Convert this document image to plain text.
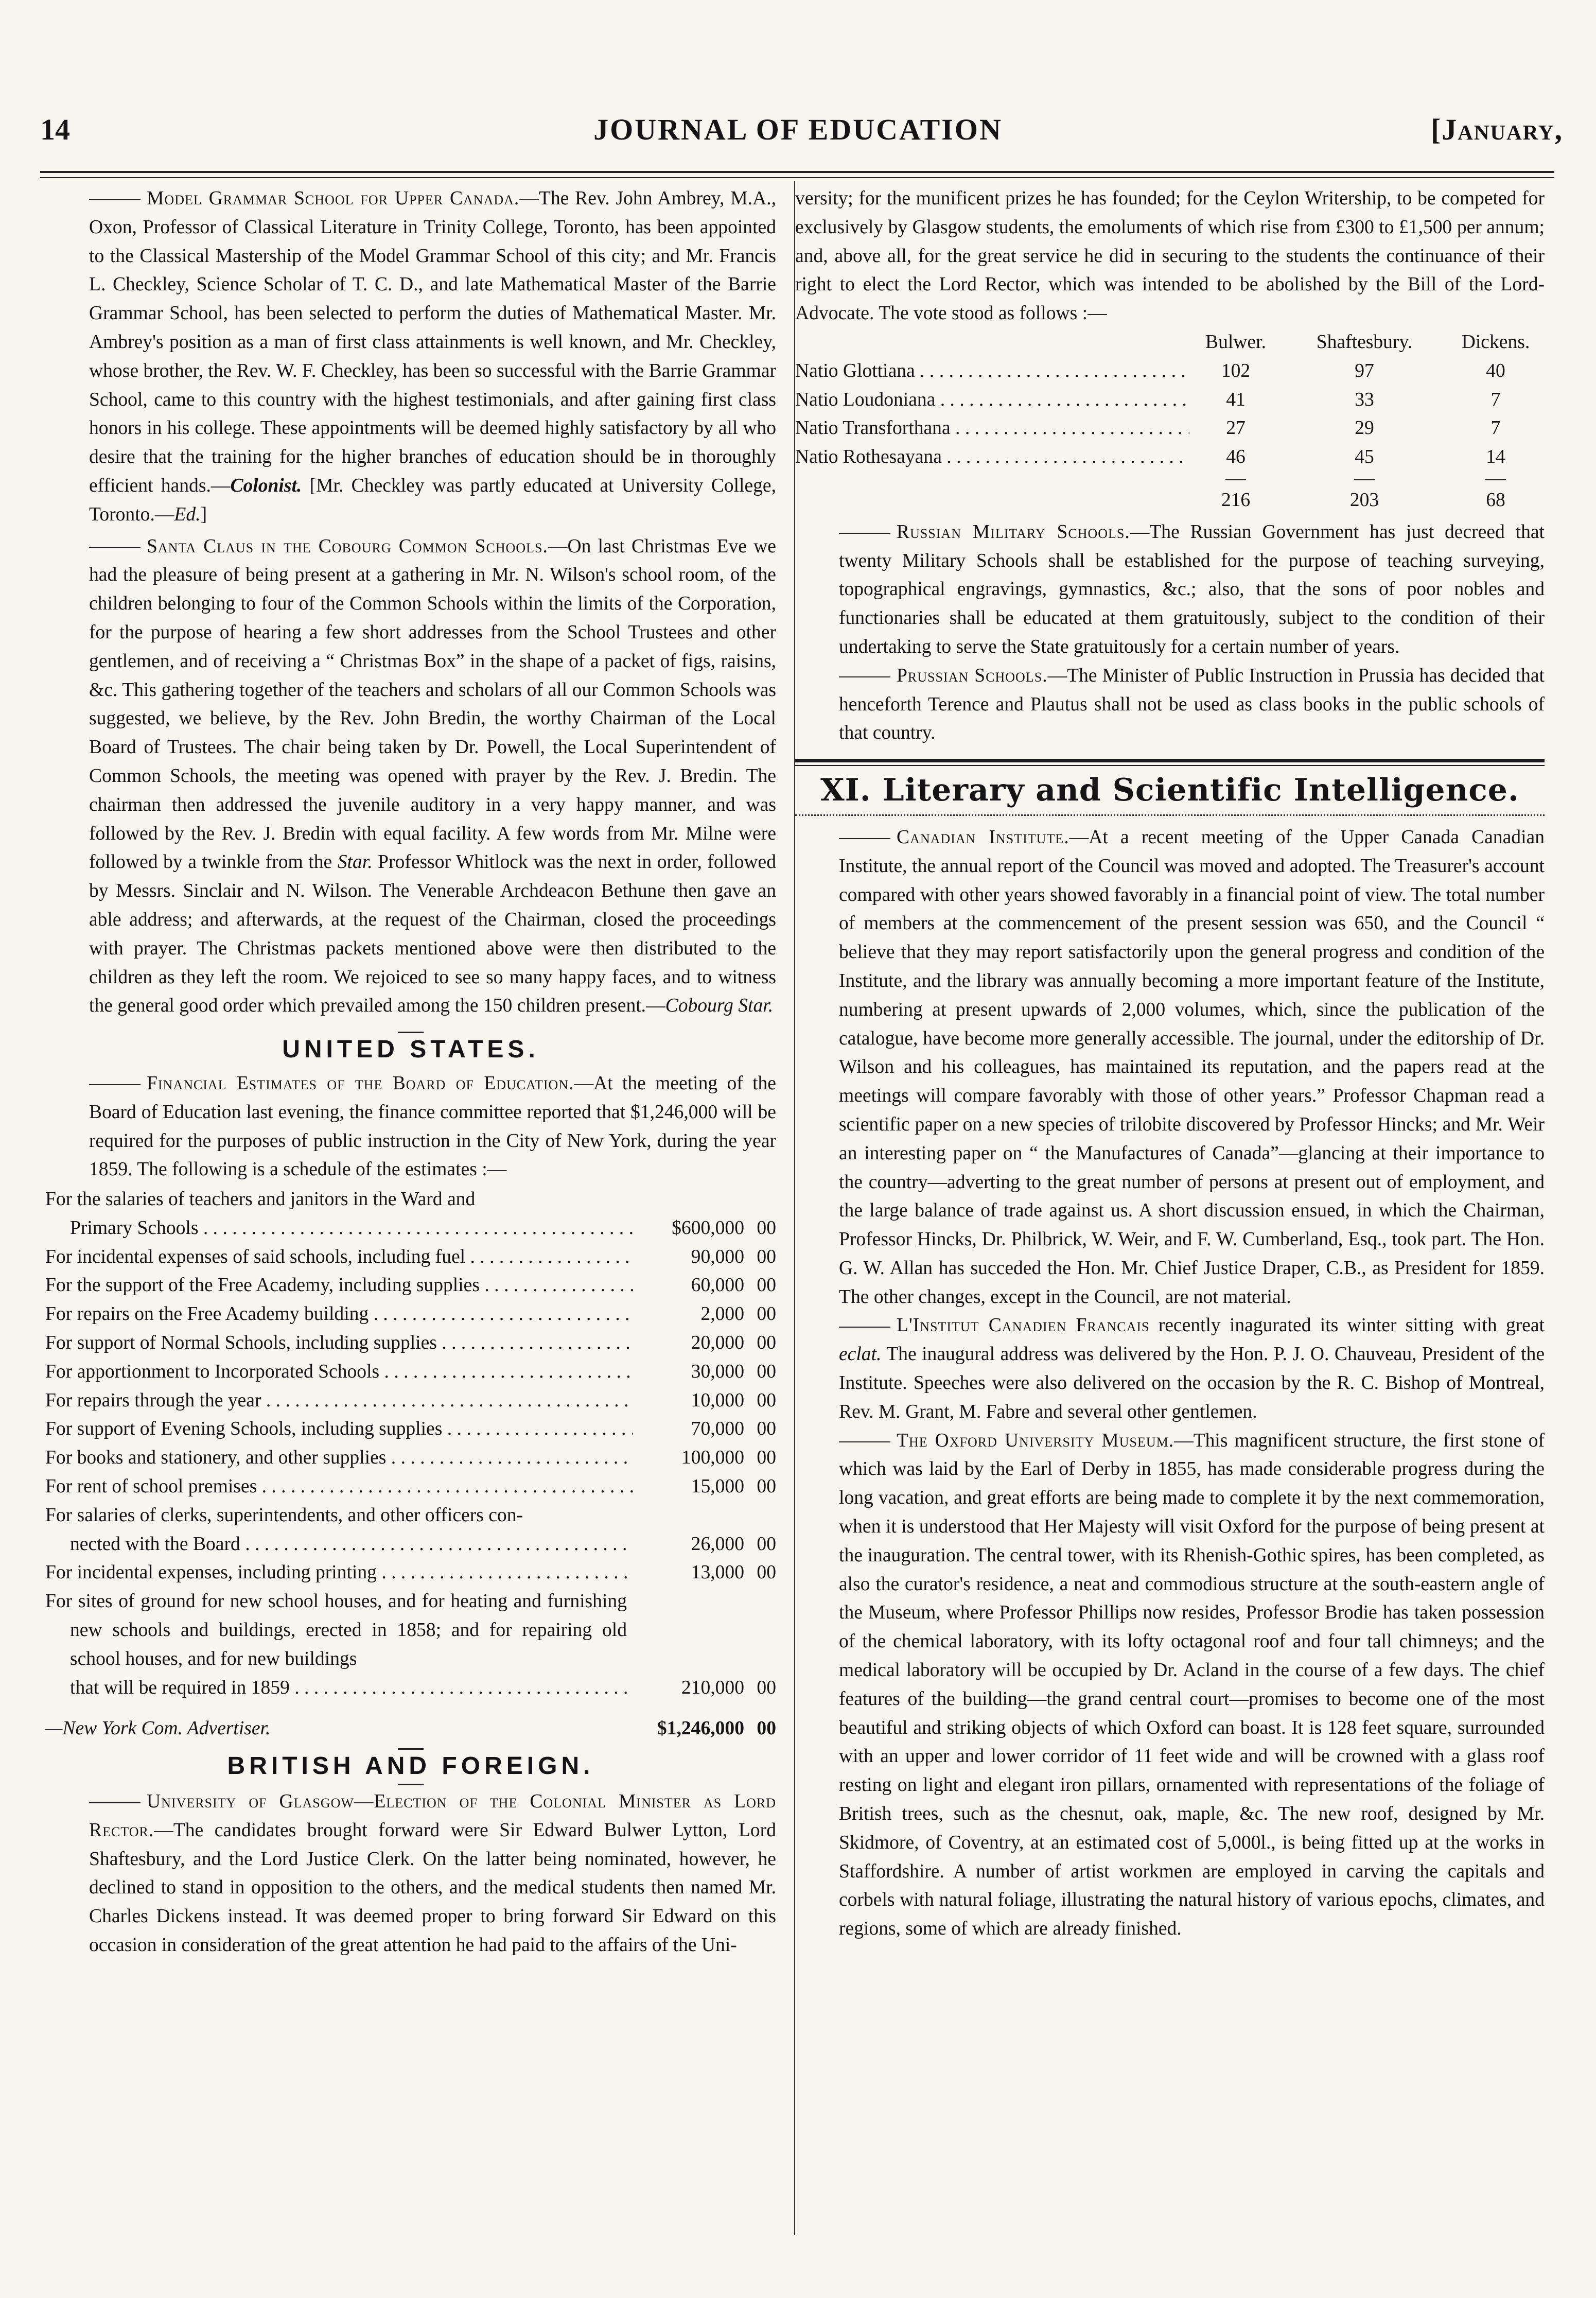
14	JOURNAL OF EDUCATION	[January,

Model Grammar School for Upper Canada.—The Rev. John Ambrey, M.A., Oxon, Professor of Classical Literature in Trinity College, Toronto, has been appointed to the Classical Mastership of the Model Grammar School of this city; and Mr. Francis L. Checkley, Science Scholar of T. C. D., and late Mathematical Master of the Barrie Grammar School, has been selected to perform the duties of Mathematical Master. Mr. Ambrey's position as a man of first class attainments is well known, and Mr. Checkley, whose brother, the Rev. W. F. Checkley, has been so successful with the Barrie Grammar School, came to this country with the highest testimonials, and after gaining first class honors in his college. These appointments will be deemed highly satisfactory by all who desire that the training for the higher branches of education should be in thoroughly efficient hands.—Colonist. [Mr. Checkley was partly educated at University College, Toronto.—Ed.]

Santa Claus in the Cobourg Common Schools.—On last Christmas Eve we had the pleasure of being present at a gathering in Mr. N. Wilson's school room, of the children belonging to four of the Common Schools within the limits of the Corporation, for the purpose of hearing a few short addresses from the School Trustees and other gentlemen, and of receiving a “ Christmas Box” in the shape of a packet of figs, raisins, &c. This gathering together of the teachers and scholars of all our Common Schools was suggested, we believe, by the Rev. John Bredin, the worthy Chairman of the Local Board of Trustees. The chair being taken by Dr. Powell, the Local Superintendent of Common Schools, the meeting was opened with prayer by the Rev. J. Bredin. The chairman then addressed the juvenile auditory in a very happy manner, and was followed by the Rev. J. Bredin with equal facility. A few words from Mr. Milne were followed by a twinkle from the Star. Professor Whitlock was the next in order, followed by Messrs. Sinclair and N. Wilson. The Venerable Archdeacon Bethune then gave an able address; and afterwards, at the request of the Chairman, closed the proceedings with prayer. The Christmas packets mentioned above were then distributed to the children as they left the room. We rejoiced to see so many happy faces, and to witness the general good order which prevailed among the 150 children present.—Cobourg Star.

UNITED STATES.

Financial Estimates of the Board of Education.—At the meeting of the Board of Education last evening, the finance committee reported that $1,246,000 will be required for the purposes of public instruction in the City of New York, during the year 1859. The following is a schedule of the estimates :—

For the salaries of teachers and janitors in the Ward and
Primary Schools . . .	$600,000 00
For incidental expenses of said schools, including fuel . . .	90,000 00
For the support of the Free Academy, including supplies . . .	60,000 00
For repairs on the Free Academy building . . .	2,000 00
For support of Normal Schools, including supplies . . .	20,000 00
For apportionment to Incorporated Schools . . .	30,000 00
For repairs through the year . . .	10,000 00
For support of Evening Schools, including supplies . . .	70,000 00
For books and stationery, and other supplies . . .	100,000 00
For rent of school premises . . .	15,000 00
For salaries of clerks, superintendents, and other officers con-
nected with the Board . . .	26,000 00
For incidental expenses, including printing . . .	13,000 00
For sites of ground for new school houses, and for heating and furnishing new schools and buildings, erected in 1858; and for repairing old school houses, and for new buildings
that will be required in 1859 . . .	210,000 00
—New York Com. Advertiser.	$1,246,000 00
BRITISH AND FOREIGN.

University of Glasgow—Election of the Colonial Minister as Lord Rector.—The candidates brought forward were Sir Edward Bulwer Lytton, Lord Shaftesbury, and the Lord Justice Clerk. On the latter being nominated, however, he declined to stand in opposition to the others, and the medical students then named Mr. Charles Dickens instead. It was deemed proper to bring forward Sir Edward on this occasion in consideration of the great attention he had paid to the affairs of the Uni-

versity; for the munificent prizes he has founded; for the Ceylon Writership, to be competed for exclusively by Glasgow students, the emoluments of which rise from £300 to £1,500 per annum; and, above all, for the great service he did in securing to the students the continuance of their right to elect the Lord Rector, which was intended to be abolished by the Bill of the Lord-Advocate. The vote stood as follows :—

Bulwer.	Shaftesbury.	Dickens.
Natio Glottiana . . .	102	97	40
Natio Loudoniana . . .	41	33	7
Natio Transforthana . . .	27	29	7
Natio Rothesayana . . .	46	45	14
216	203	68

Russian Military Schools.—The Russian Government has just decreed that twenty Military Schools shall be established for the purpose of teaching surveying, topographical engravings, gymnastics, &c.; also, that the sons of poor nobles and functionaries shall be educated at them gratuitously, subject to the condition of their undertaking to serve the State gratuitously for a certain number of years.

Prussian Schools.—The Minister of Public Instruction in Prussia has decided that henceforth Terence and Plautus shall not be used as class books in the public schools of that country.

XI. Literary and Scientific Intelligence.

Canadian Institute.—At a recent meeting of the Upper Canada Canadian Institute, the annual report of the Council was moved and adopted. The Treasurer's account compared with other years showed favorably in a financial point of view. The total number of members at the commencement of the present session was 650, and the Council “ believe that they may report satisfactorily upon the general progress and condition of the Institute, and the library was annually becoming a more important feature of the Institute, numbering at present upwards of 2,000 volumes, which, since the publication of the catalogue, have become more generally accessible. The journal, under the editorship of Dr. Wilson and his colleagues, has maintained its reputation, and the papers read at the meetings will compare favorably with those of other years.” Professor Chapman read a scientific paper on a new species of trilobite discovered by Professor Hincks; and Mr. Weir an interesting paper on “ the Manufactures of Canada”—glancing at their importance to the country—adverting to the great number of persons at present out of employment, and the large balance of trade against us. A short discussion ensued, in which the Chairman, Professor Hincks, Dr. Philbrick, W. Weir, and F. W. Cumberland, Esq., took part. The Hon. G. W. Allan has succeded the Hon. Mr. Chief Justice Draper, C.B., as President for 1859. The other changes, except in the Council, are not material.

L'Institut Canadien Francais recently inagurated its winter sitting with great eclat. The inaugural address was delivered by the Hon. P. J. O. Chauveau, President of the Institute. Speeches were also delivered on the occasion by the R. C. Bishop of Montreal, Rev. M. Grant, M. Fabre and several other gentlemen.

The Oxford University Museum.—This magnificent structure, the first stone of which was laid by the Earl of Derby in 1855, has made considerable progress during the long vacation, and great efforts are being made to complete it by the next commemoration, when it is understood that Her Majesty will visit Oxford for the purpose of being present at the inauguration. The central tower, with its Rhenish-Gothic spires, has been completed, as also the curator's residence, a neat and commodious structure at the south-eastern angle of the Museum, where Professor Phillips now resides, Professor Brodie has taken possession of the chemical laboratory, with its lofty octagonal roof and four tall chimneys; and the medical laboratory will be occupied by Dr. Acland in the course of a few days. The chief features of the building—the grand central court—promises to become one of the most beautiful and striking objects of which Oxford can boast. It is 128 feet square, surrounded with an upper and lower corridor of 11 feet wide and will be crowned with a glass roof resting on light and elegant iron pillars, ornamented with representations of the foliage of British trees, such as the chesnut, oak, maple, &c. The new roof, designed by Mr. Skidmore, of Coventry, at an estimated cost of 5,000l., is being fitted up at the works in Staffordshire. A number of artist workmen are employed in carving the capitals and corbels with natural foliage, illustrating the natural history of various epochs, climates, and regions, some of which are already finished.
